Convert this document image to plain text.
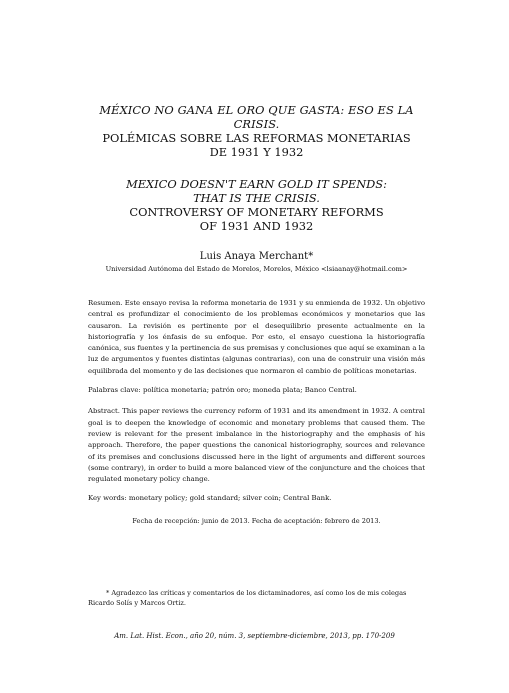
MÉXICO NO GANA EL ORO QUE GASTA: ESO ES LA CRISIS.
POLÉMICAS SOBRE LAS REFORMAS MONETARIAS
DE 1931 Y 1932
MEXICO DOESN'T EARN GOLD IT SPENDS:
THAT IS THE CRISIS.
CONTROVERSY OF MONETARY REFORMS
OF 1931 AND 1932
Luis Anaya Merchant*
Universidad Autónoma del Estado de Morelos, Morelos, México <lsiaanay@hotmail.com>
Resumen. Este ensayo revisa la reforma monetaria de 1931 y su enmienda de 1932. Un objetivo central es profundizar el conocimiento de los problemas económicos y monetarios que las causaron. La revisión es pertinente por el desequilibrio presente actualmente en la historiografía y los énfasis de su enfoque. Por esto, el ensayo cuestiona la historiografía canónica, sus fuentes y la pertinencia de sus premisas y conclusiones que aquí se examinan a la luz de argumentos y fuentes distintas (algunas contrarias), con una de construir una visión más equilibrada del momento y de las decisiones que normaron el cambio de políticas monetarias.
Palabras clave: política monetaria; patrón oro; moneda plata; Banco Central.
Abstract. This paper reviews the currency reform of 1931 and its amendment in 1932. A central goal is to deepen the knowledge of economic and monetary problems that caused them. The review is relevant for the present imbalance in the historiography and the emphasis of his approach. Therefore, the paper questions the canonical historiography, sources and relevance of its premises and conclusions discussed here in the light of arguments and different sources (some contrary), in order to build a more balanced view of the conjuncture and the choices that regulated monetary policy change.
Key words: monetary policy; gold standard; silver coin; Central Bank.
Fecha de recepción: junio de 2013. Fecha de aceptación: febrero de 2013.
* Agradezco las críticas y comentarios de los dictaminadores, así como los de mis colegas Ricardo Solís y Marcos Ortiz.
Am. Lat. Hist. Econ., año 20, núm. 3, septiembre-diciembre, 2013, pp. 170-209
